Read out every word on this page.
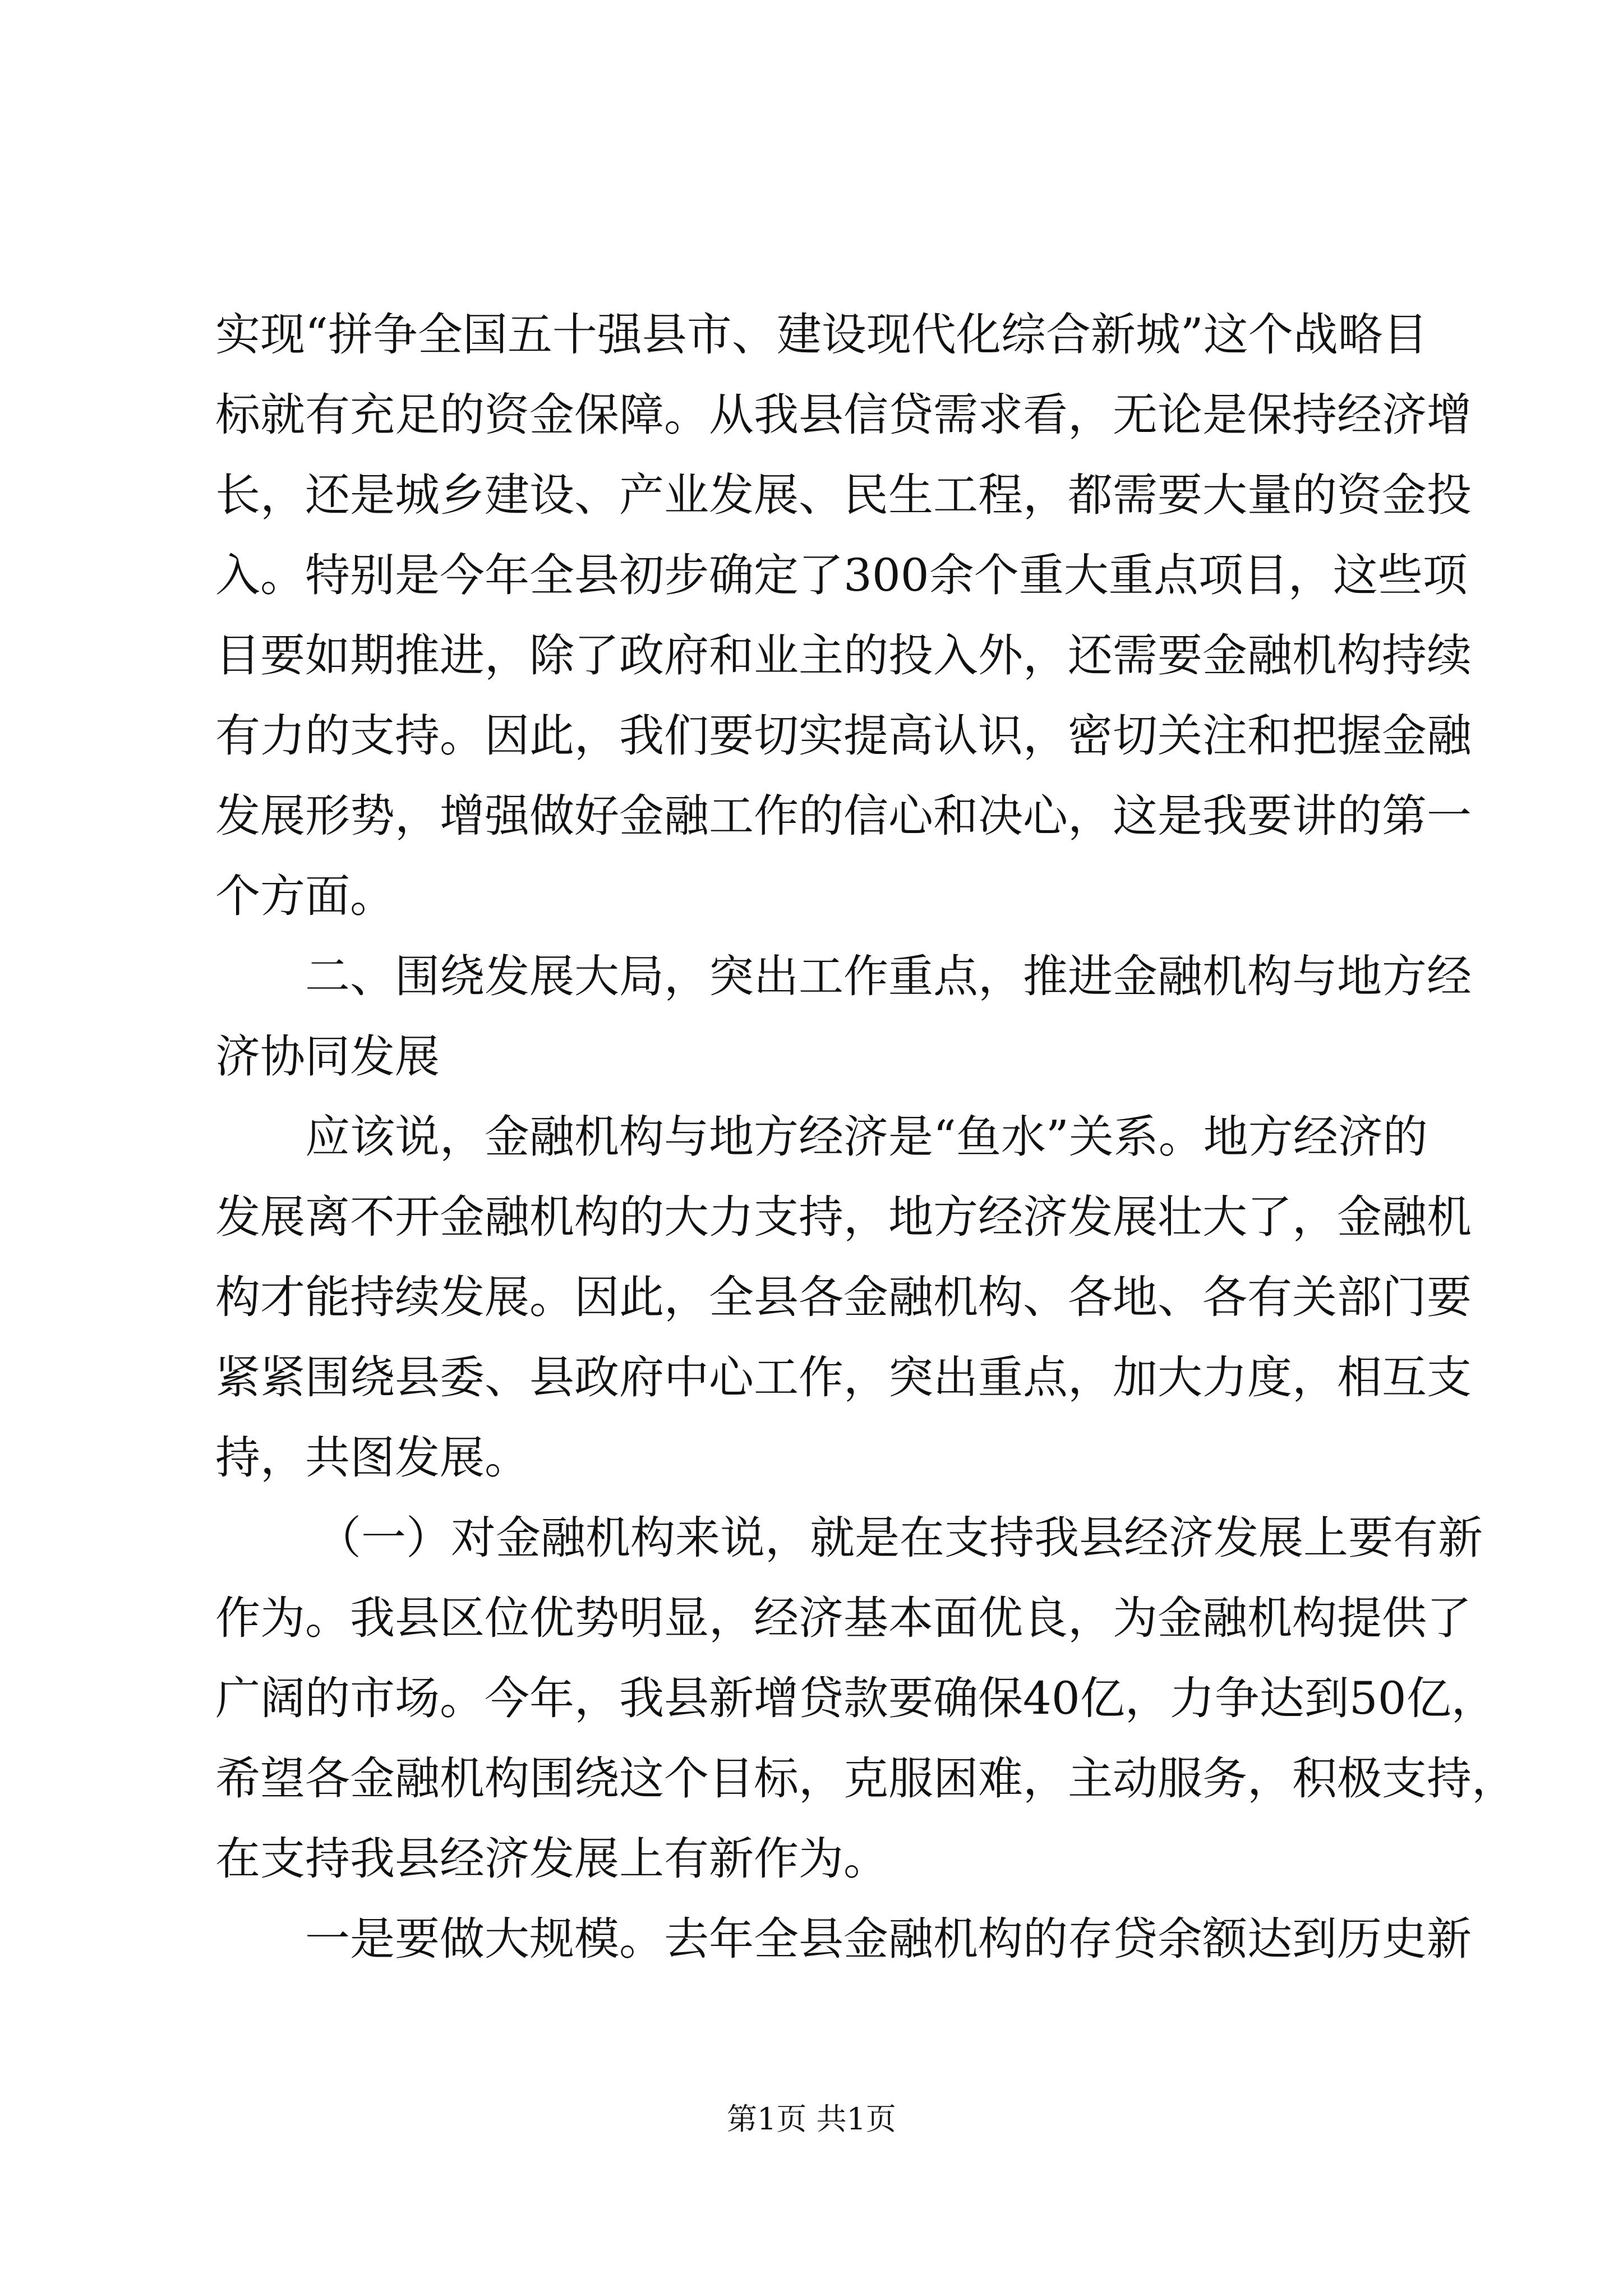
实现“拼争全国五十强县市、建设现代化综合新城”这个战略目
标就有充足的资金保障。从我县信贷需求看，无论是保持经济增
长，还是城乡建设、产业发展、民生工程，都需要大量的资金投
入。特别是今年全县初步确定了300余个重大重点项目，这些项
目要如期推进，除了政府和业主的投入外，还需要金融机构持续
有力的支持。因此，我们要切实提高认识，密切关注和把握金融
发展形势，增强做好金融工作的信心和决心，这是我要讲的第一
个方面。
二、围绕发展大局，突出工作重点，推进金融机构与地方经
济协同发展
应该说，金融机构与地方经济是“鱼水”关系。地方经济的
发展离不开金融机构的大力支持，地方经济发展壮大了，金融机
构才能持续发展。因此，全县各金融机构、各地、各有关部门要
紧紧围绕县委、县政府中心工作，突出重点，加大力度，相互支
持，共图发展。
（一）对金融机构来说，就是在支持我县经济发展上要有新
作为。我县区位优势明显，经济基本面优良，为金融机构提供了
广阔的市场。今年，我县新增贷款要确保40亿，力争达到50亿，
希望各金融机构围绕这个目标，克服困难，主动服务，积极支持，
在支持我县经济发展上有新作为。
一是要做大规模。去年全县金融机构的存贷余额达到历史新
第1页 共1页
